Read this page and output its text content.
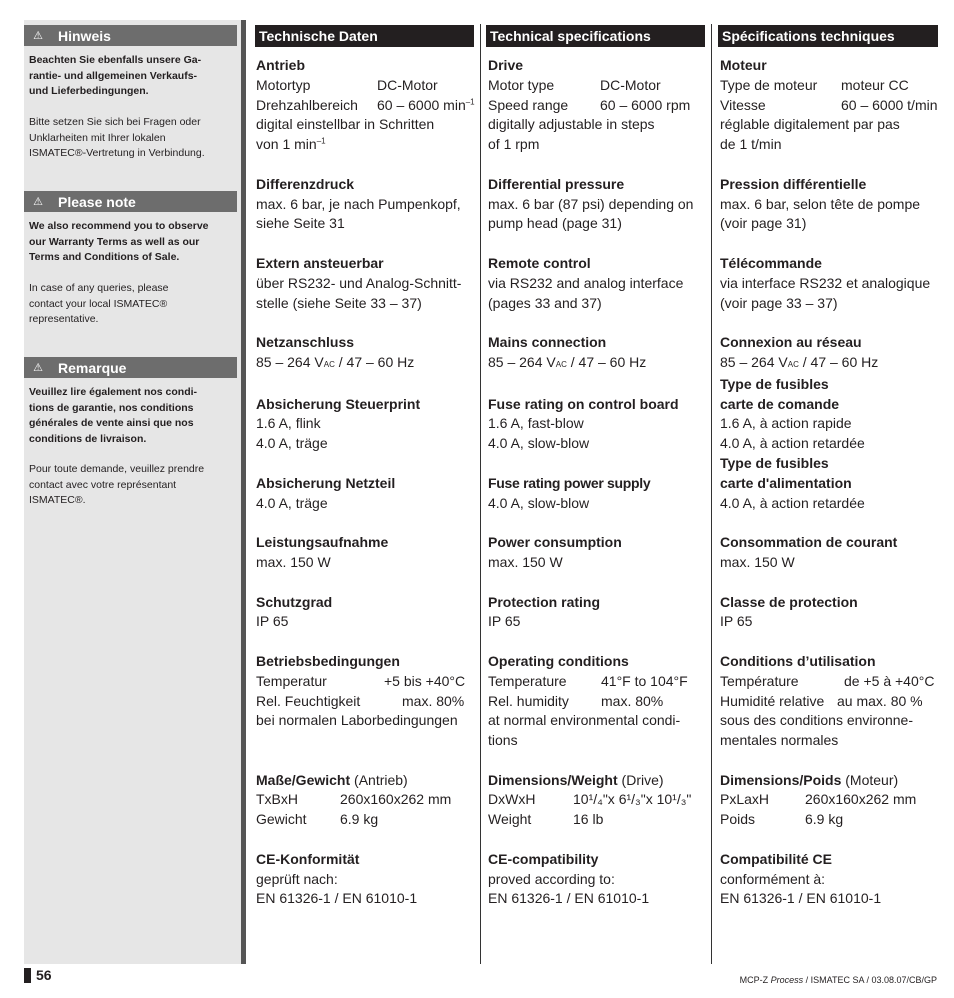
⚠	Hinweis
Beachten Sie ebenfalls unsere Ga-
rantie- und allgemeinen Verkaufs-
und Lieferbedingungen.
Bitte setzen Sie sich bei Fragen oder
Unklarheiten mit Ihrer lokalen
ISMATEC®-Vertretung in Verbindung.
⚠	Please note
We also recommend you to observe
our Warranty Terms as well as our
Terms and Conditions of Sale.
In case of any queries, please
contact your local ISMATEC®
representative.
⚠	Remarque
Veuillez lire également nos condi-
tions de garantie, nos conditions
générales de vente ainsi que nos
conditions de livraison.
Pour toute demande, veuillez prendre
contact avec votre représentant
ISMATEC®.
Technische Daten	Technical specifications	Spécifications techniques
Antrieb
Motortyp	DC-Motor
Drehzahlbereich	60 – 6000 $\min^{-1}$
digital einstellbar in Schritten
von 1 $\min^{-1}$
Differenzdruck
max. 6 bar, je nach Pumpenkopf,
siehe Seite 31
Extern ansteuerbar
über RS232- und Analog-Schnitt-
stelle (siehe Seite 33 – 37)
Netzanschluss
85 – 264 VAC / 47 – 60 Hz
Absicherung Steuerprint
1.6 A, flink
4.0 A, träge
Absicherung Netzteil
4.0 A, träge
Leistungsaufnahme
max. 150 W
Schutzgrad
IP 65
Betriebsbedingungen
Temperatur	+5 bis +40°C
Rel. Feuchtigkeit	max. 80%
bei normalen Laborbedingungen
Maße/Gewicht (Antrieb)
TxBxH	260x160x262 mm
Gewicht	6.9 kg
CE-Konformität
geprüft nach:
EN 61326-1 / EN 61010-1
Drive
Motor type	DC-Motor
Speed range	60 – 6000 rpm
digitally adjustable in steps
of 1 rpm
Differential pressure
max. 6 bar (87 psi) depending on
pump head (page 31)
Remote control
via RS232 and analog interface
(pages 33 and 37)
Mains connection
85 – 264 VAC / 47 – 60 Hz
Fuse rating on control board
1.6 A, fast-blow
4.0 A, slow-blow
Fuse rating power supply
4.0 A, slow-blow
Power consumption
max. 150 W
Protection rating
IP 65
Operating conditions
Temperature	41°F to 104°F
Rel. humidity	max. 80%
at normal environmental condi-
tions
Dimensions/Weight (Drive)
DxWxH	10¹/₄"x 6¹/₃"x 10¹/₃"
Weight	16 lb
CE-compatibility
proved according to:
EN 61326-1 / EN 61010-1
Moteur
Type de moteur	moteur CC
Vitesse	60 – 6000 t/min
réglable digitalement par pas
de 1 t/min
Pression différentielle
max. 6 bar, selon tête de pompe
(voir page 31)
Télécommande
via interface RS232 et analogique
(voir page 33 – 37)
Connexion au réseau
85 – 264 VAC / 47 – 60 Hz
Type de fusibles
carte de comande
1.6 A, à action rapide
4.0 A, à action retardée
Type de fusibles
carte d'alimentation
4.0 A, à action retardée
Consommation de courant
max. 150 W
Classe de protection
IP 65
Conditions d’utilisation
Température	de +5 à +40°C
Humidité relative au max. 80 %
sous des conditions environne-
mentales normales
Dimensions/Poids (Moteur)
PxLaxH	260x160x262 mm
Poids	6.9 kg
Compatibilité CE
conformément à:
EN 61326-1 / EN 61010-1
56	MCP-Z Process / ISMATEC SA / 03.08.07/CB/GP
